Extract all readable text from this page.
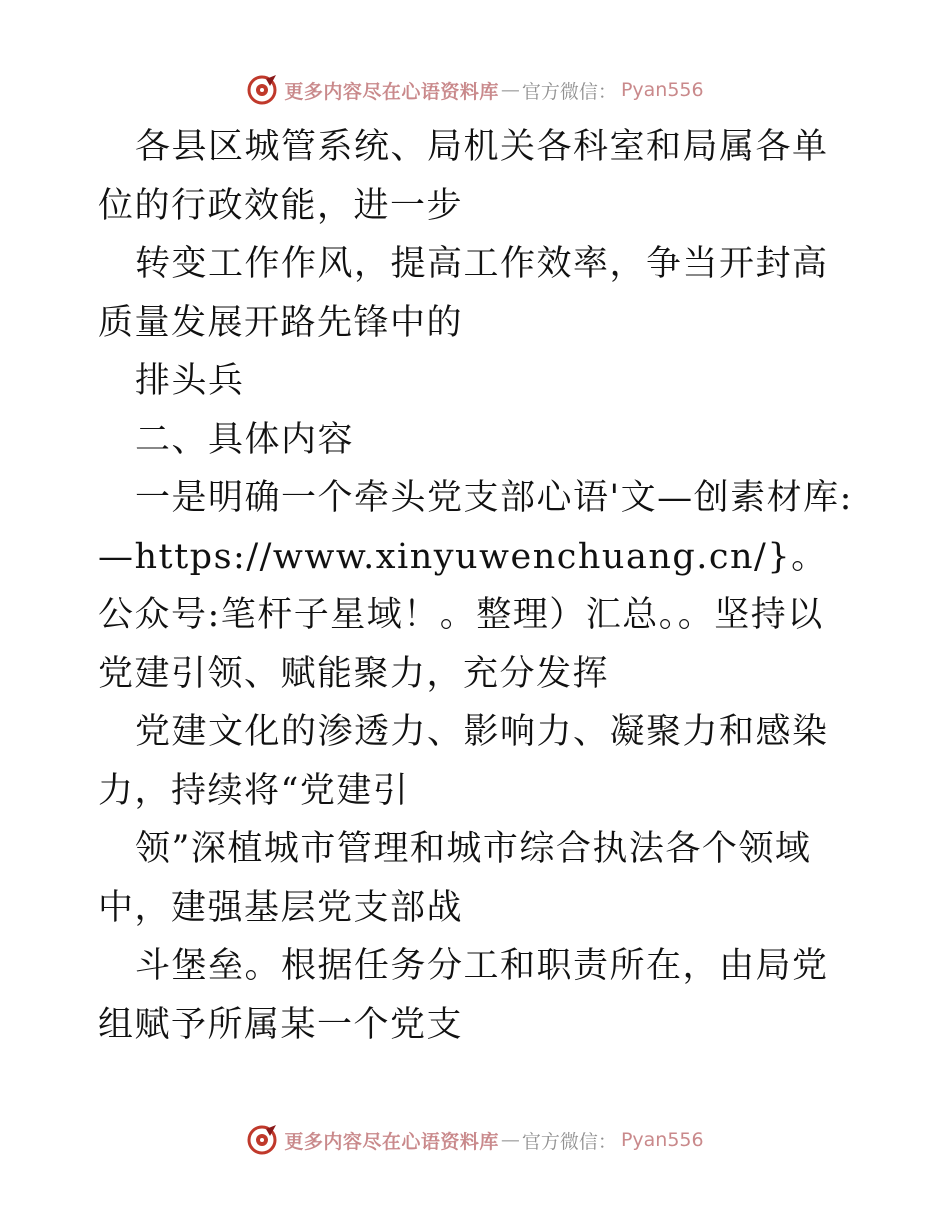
更多内容尽在心语资料库 — 官方微信： Pyan556

各县区城管系统、局机关各科室和局属各单位的行政效能，进一步

转变工作作风，提高工作效率，争当开封高质量发展开路先锋中的

排头兵

二、具体内容

一是明确一个牵头党支部心语'文—创素材库:—https://www.xinyuwenchuang.cn/}。公众号:笔杆子星域！。整理）汇总。。坚持以党建引领、赋能聚力，充分发挥

党建文化的渗透力、影响力、凝聚力和感染力，持续将“党建引

领”深植城市管理和城市综合执法各个领域中，建强基层党支部战

斗堡垒。根据任务分工和职责所在，由局党组赋予所属某一个党支

更多内容尽在心语资料库 — 官方微信： Pyan556
